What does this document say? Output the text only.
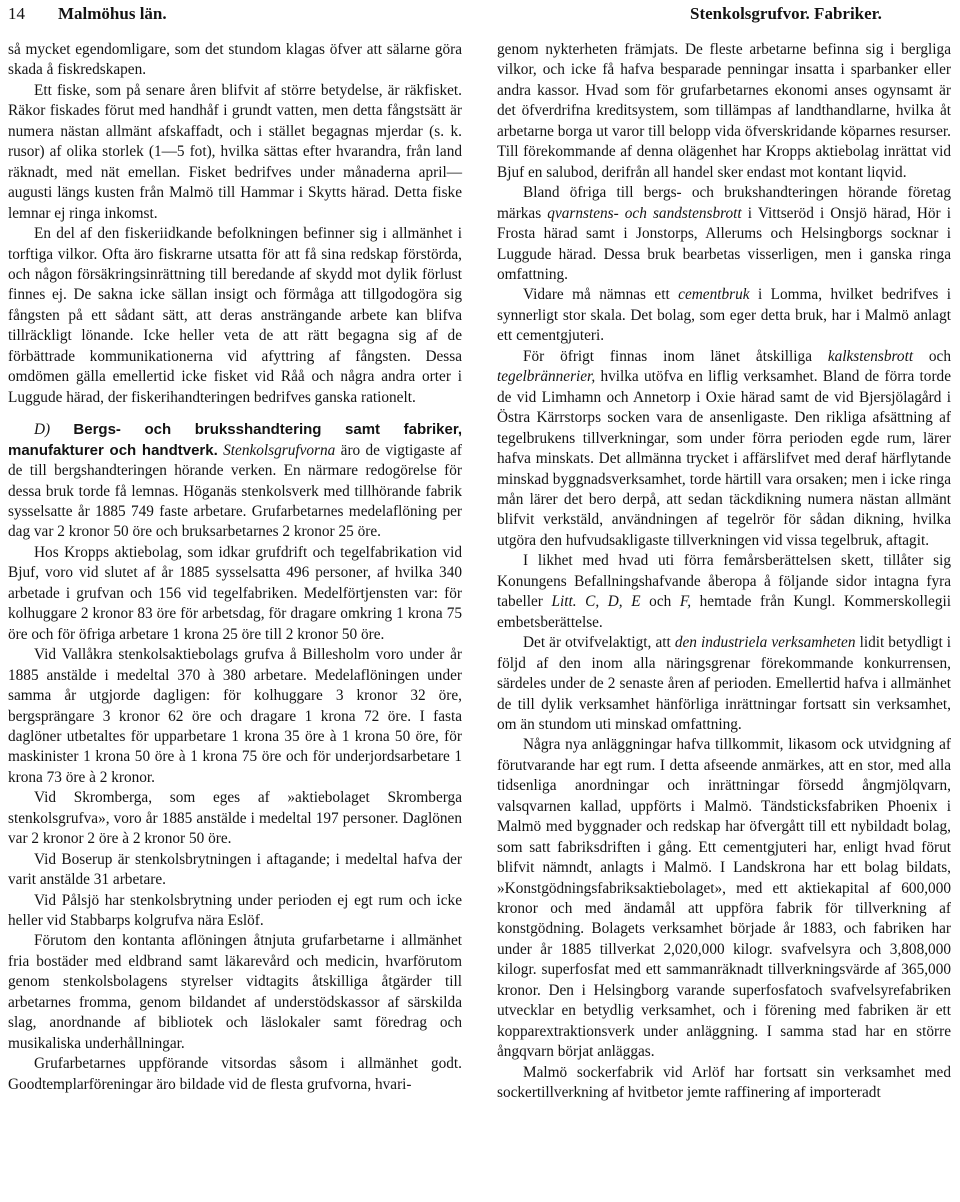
14 Malmöhus län.	Stenkolsgrufvor. Fabriker.

så mycket egendomligare, som det stundom klagas öfver att sälarne göra skada å fiskredskapen.

Ett fiske, som på senare åren blifvit af större betydelse, är räkfisket. Räkor fiskades förut med handhåf i grundt vatten, men detta fångstsätt är numera nästan allmänt afskaffadt, och i stället begagnas mjerdar (s. k. rusor) af olika storlek (1—5 fot), hvilka sättas efter hvarandra, från land räknadt, med nät emellan. Fisket bedrifves under månaderna april—augusti längs kusten från Malmö till Hammar i Skytts härad. Detta fiske lemnar ej ringa inkomst.

En del af den fiskeriidkande befolkningen befinner sig i allmänhet i torftiga vilkor. Ofta äro fiskrarne utsatta för att få sina redskap förstörda, och någon försäkringsinrättning till beredande af skydd mot dylik förlust finnes ej. De sakna icke sällan insigt och förmåga att tillgodogöra sig fångsten på ett sådant sätt, att deras ansträngande arbete kan blifva tillräckligt lönande. Icke heller veta de att rätt begagna sig af de förbättrade kommunikationerna vid afyttring af fångsten. Dessa omdömen gälla emellertid icke fisket vid Råå och några andra orter i Luggude härad, der fiskerihandteringen bedrifves ganska rationelt.

D) Bergs- och bruksshandtering samt fabriker, manufakturer och handtverk. Stenkolsgrufvorna äro de vigtigaste af de till bergshandteringen hörande verken. En närmare redogörelse för dessa bruk torde få lemnas. Höganäs stenkolsverk med tillhörande fabrik sysselsatte år 1885 749 faste arbetare. Grufarbetarnes medelaflöning per dag var 2 kronor 50 öre och bruksarbetarnes 2 kronor 25 öre.

Hos Kropps aktiebolag, som idkar grufdrift och tegelfabrikation vid Bjuf, voro vid slutet af år 1885 sysselsatta 496 personer, af hvilka 340 arbetade i grufvan och 156 vid tegelfabriken. Medelförtjensten var: för kolhuggare 2 kronor 83 öre för arbetsdag, för dragare omkring 1 krona 75 öre och för öfriga arbetare 1 krona 25 öre till 2 kronor 50 öre.

Vid Vallåkra stenkolsaktiebolags grufva å Billesholm voro under år 1885 anstälde i medeltal 370 à 380 arbetare. Medelaflöningen under samma år utgjorde dagligen: för kolhuggare 3 kronor 32 öre, bergsprängare 3 kronor 62 öre och dragare 1 krona 72 öre. I fasta daglöner utbetaltes för upparbetare 1 krona 35 öre à 1 krona 50 öre, för maskinister 1 krona 50 öre à 1 krona 75 öre och för underjordsarbetare 1 krona 73 öre à 2 kronor.

Vid Skromberga, som eges af »aktiebolaget Skromberga stenkolsgrufva», voro år 1885 anstälde i medeltal 197 personer. Daglönen var 2 kronor 2 öre à 2 kronor 50 öre.

Vid Boserup är stenkolsbrytningen i aftagande; i medeltal hafva der varit anstälde 31 arbetare.

Vid Pålsjö har stenkolsbrytning under perioden ej egt rum och icke heller vid Stabbarps kolgrufva nära Eslöf.

Förutom den kontanta aflöningen åtnjuta grufarbetarne i allmänhet fria bostäder med eldbrand samt läkarevård och medicin, hvarförutom genom stenkolsbolagens styrelser vidtagits åtskilliga åtgärder till arbetarnes fromma, genom bildandet af understödskassor af särskilda slag, anordnande af bibliotek och läslokaler samt föredrag och musikaliska underhållningar.

Grufarbetarnes uppförande vitsordas såsom i allmänhet godt. Goodtemplarföreningar äro bildade vid de flesta grufvorna, hvari-

genom nykterheten främjats. De fleste arbetarne befinna sig i bergliga vilkor, och icke få hafva besparade penningar insatta i sparbanker eller andra kassor. Hvad som för grufarbetarnes ekonomi anses ogynsamt är det öfverdrifna kreditsystem, som tillämpas af landthandlarne, hvilka åt arbetarne borga ut varor till belopp vida öfverskridande köparnes resurser. Till förekommande af denna olägenhet har Kropps aktiebolag inrättat vid Bjuf en salubod, derifrån all handel sker endast mot kontant liqvid.

Bland öfriga till bergs- och brukshandteringen hörande företag märkas qvarnstens- och sandstensbrott i Vittseröd i Onsjö härad, Hör i Frosta härad samt i Jonstorps, Allerums och Helsingborgs socknar i Luggude härad. Dessa bruk bearbetas visserligen, men i ganska ringa omfattning.

Vidare må nämnas ett cementbruk i Lomma, hvilket bedrifves i synnerligt stor skala. Det bolag, som eger detta bruk, har i Malmö anlagt ett cementgjuteri.

För öfrigt finnas inom länet åtskilliga kalkstensbrott och tegelbrännerier, hvilka utöfva en liflig verksamhet. Bland de förra torde de vid Limhamn och Annetorp i Oxie härad samt de vid Bjersjölagård i Östra Kärrstorps socken vara de ansenligaste. Den rikliga afsättning af tegelbrukens tillverkningar, som under förra perioden egde rum, lärer hafva minskats. Det allmänna trycket i affärslifvet med deraf härflytande minskad byggnadsverksamhet, torde härtill vara orsaken; men i icke ringa mån lärer det bero derpå, att sedan täckdikning numera nästan allmänt blifvit verkstäld, användningen af tegelrör för sådan dikning, hvilka utgöra den hufvudsakligaste tillverkningen vid vissa tegelbruk, aftagit.

I likhet med hvad uti förra femårsberättelsen skett, tillåter sig Konungens Befallningshafvande åberopa å följande sidor intagna fyra tabeller Litt. C, D, E och F, hemtade från Kungl. Kommerskollegii embetsberättelse.

Det är otvifvelaktigt, att den industriela verksamheten lidit betydligt i följd af den inom alla näringsgrenar förekommande konkurrensen, särdeles under de 2 senaste åren af perioden. Emellertid hafva i allmänhet de till dylik verksamhet hänförliga inrättningar fortsatt sin verksamhet, om än stundom uti minskad omfattning.

Några nya anläggningar hafva tillkommit, likasom ock utvidgning af förutvarande har egt rum. I detta afseende anmärkes, att en stor, med alla tidsenliga anordningar och inrättningar försedd ångmjölqvarn, valsqvarnen kallad, uppförts i Malmö. Tändsticksfabriken Phoenix i Malmö med byggnader och redskap har öfvergått till ett nybildadt bolag, som satt fabriksdriften i gång. Ett cementgjuteri har, enligt hvad förut blifvit nämndt, anlagts i Malmö. I Landskrona har ett bolag bildats, »Konstgödningsfabriksaktiebolaget», med ett aktiekapital af 600,000 kronor och med ändamål att uppföra fabrik för tillverkning af konstgödning. Bolagets verksamhet började år 1883, och fabriken har under år 1885 tillverkat 2,020,000 kilogr. svafvelsyra och 3,808,000 kilogr. superfosfat med ett sammanräknadt tillverkningsvärde af 365,000 kronor. Den i Helsingborg varande superfosfatoch svafvelsyrefabriken utvecklar en betydlig verksamhet, och i förening med fabriken är ett kopparextraktionsverk under anläggning. I samma stad har en större ångqvarn börjat anläggas.

Malmö sockerfabrik vid Arlöf har fortsatt sin verksamhet med sockertillverkning af hvitbetor jemte raffinering af importeradt
